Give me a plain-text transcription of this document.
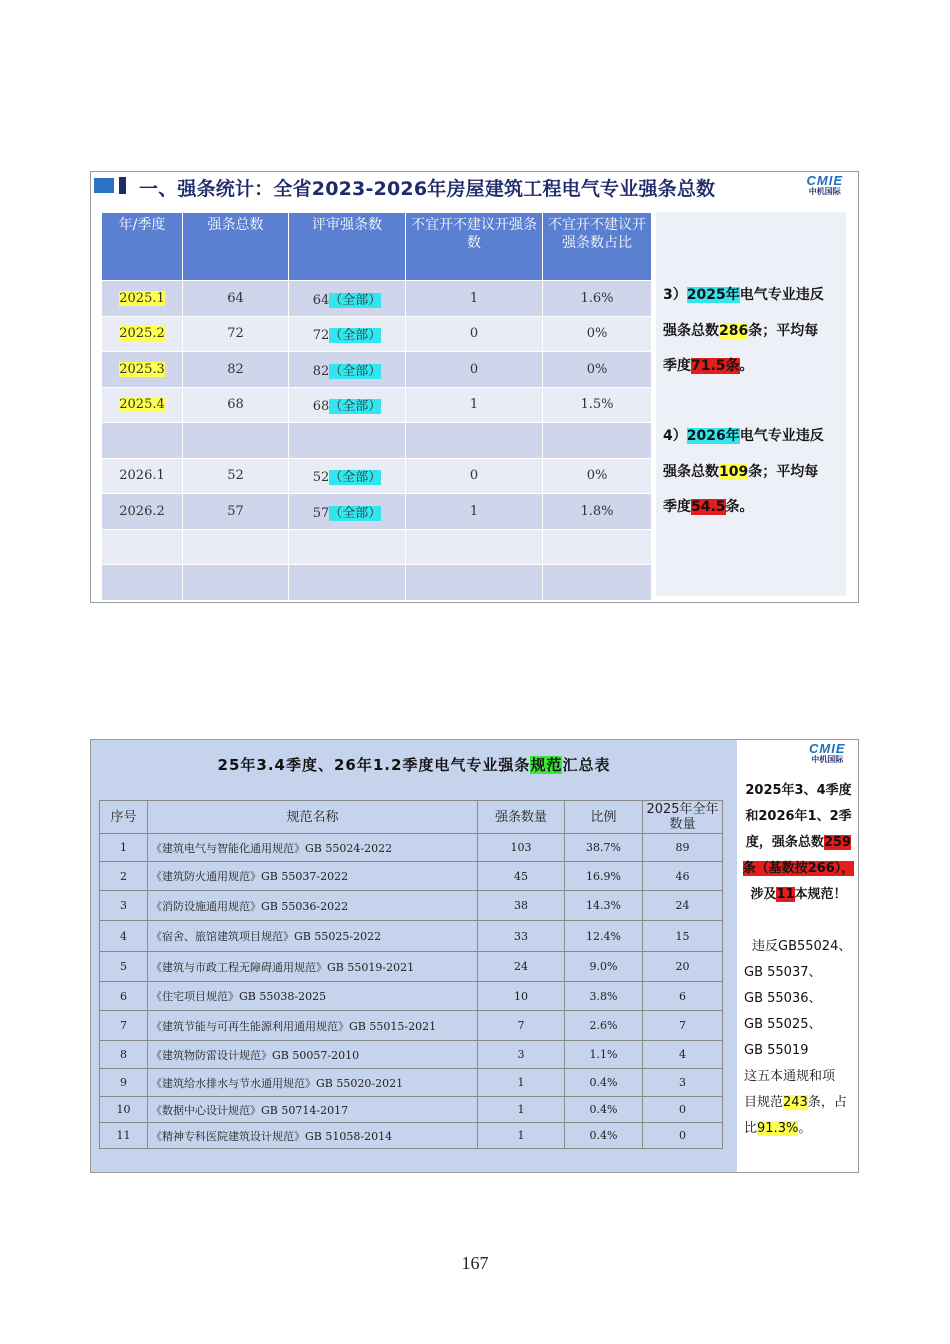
一、强条统计：全省2023-2026年房屋建筑工程电气专业强条总数	CMIE
中机国际
年/季度	强条总数	评审强条数	不宜开不建议开强条数	不宜开不建议开强条数占比
2025.1	64	64（全部）	1	1.6%
2025.2	72	72（全部）	0	0%
2025.3	82	82（全部）	0	0%
2025.4	68	68（全部）	1	1.5%

2026.1	52	52（全部）	0	0%
2026.2	57	57（全部）	1	1.8%

3）2025年电气专业违反
强条总数286条；平均每
季度71.5条。
4）2026年电气专业违反
强条总数109条；平均每
季度54.5条。
25年3.4季度、26年1.2季度电气专业强条规范汇总表
序号	规范名称	强条数量	比例	2025年全年数量
1	《建筑电气与智能化通用规范》GB 55024-2022	103	38.7%	89
2	《建筑防火通用规范》GB 55037-2022	45	16.9%	46
3	《消防设施通用规范》GB 55036-2022	38	14.3%	24
4	《宿舍、旅馆建筑项目规范》GB 55025-2022	33	12.4%	15
5	《建筑与市政工程无障碍通用规范》GB 55019-2021	24	9.0%	20
6	《住宅项目规范》GB 55038-2025	10	3.8%	6
7	《建筑节能与可再生能源利用通用规范》GB 55015-2021	7	2.6%	7
8	《建筑物防雷设计规范》GB 50057-2010	3	1.1%	4
9	《建筑给水排水与节水通用规范》GB 55020-2021	1	0.4%	3
10	《数据中心设计规范》GB 50714-2017	1	0.4%	0
11	《精神专科医院建筑设计规范》GB 51058-2014	1	0.4%	0
CMIE
中机国际
2025年3、4季度
和2026年1、2季
度，强条总数259
条（基数按266），
涉及11本规范！
违反GB55024、
GB 55037、
GB 55036、
GB 55025、
GB 55019
这五本通规和项
目规范243条，占
比91.3%。
167
